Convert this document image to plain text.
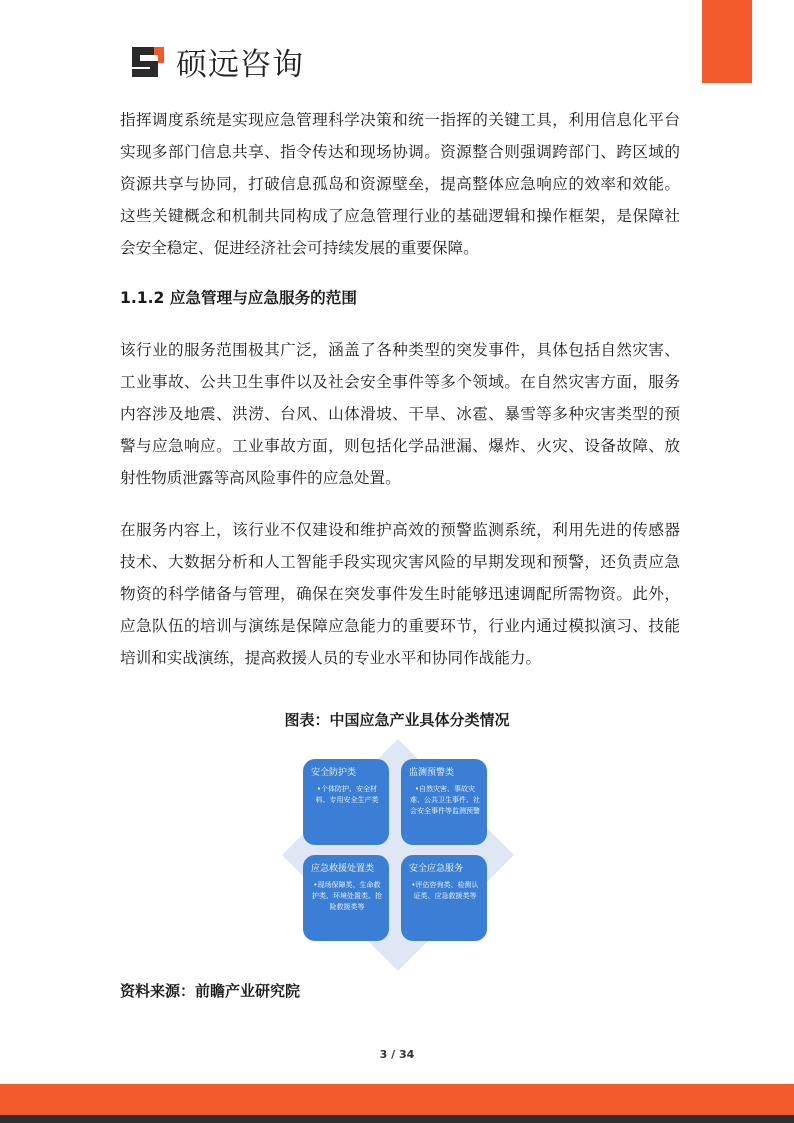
硕远咨询

指挥调度系统是实现应急管理科学决策和统一指挥的关键工具，利用信息化平台实现多部门信息共享、指令传达和现场协调。资源整合则强调跨部门、跨区域的资源共享与协同，打破信息孤岛和资源壁垒，提高整体应急响应的效率和效能。这些关键概念和机制共同构成了应急管理行业的基础逻辑和操作框架，是保障社会安全稳定、促进经济社会可持续发展的重要保障。

1.1.2 应急管理与应急服务的范围

该行业的服务范围极其广泛，涵盖了各种类型的突发事件，具体包括自然灾害、工业事故、公共卫生事件以及社会安全事件等多个领域。在自然灾害方面，服务内容涉及地震、洪涝、台风、山体滑坡、干旱、冰雹、暴雪等多种灾害类型的预警与应急响应。工业事故方面，则包括化学品泄漏、爆炸、火灾、设备故障、放射性物质泄露等高风险事件的应急处置。

在服务内容上，该行业不仅建设和维护高效的预警监测系统，利用先进的传感器技术、大数据分析和人工智能手段实现灾害风险的早期发现和预警，还负责应急物资的科学储备与管理，确保在突发事件发生时能够迅速调配所需物资。此外，应急队伍的培训与演练是保障应急能力的重要环节，行业内通过模拟演习、技能培训和实战演练，提高救援人员的专业水平和协同作战能力。

图表：中国应急产业具体分类情况
安全防护类
•个体防护、安全材料、专用安全生产类
监测预警类
•自然灾害、事故灾难、公共卫生事件、社会安全事件等监测预警
应急救援处置类
•现场保障类、生命救护类、环境处置类、抢险救援类等
安全应急服务
•评估咨询类、检测认证类、应急救援类等
资料来源：前瞻产业研究院
3 / 34
